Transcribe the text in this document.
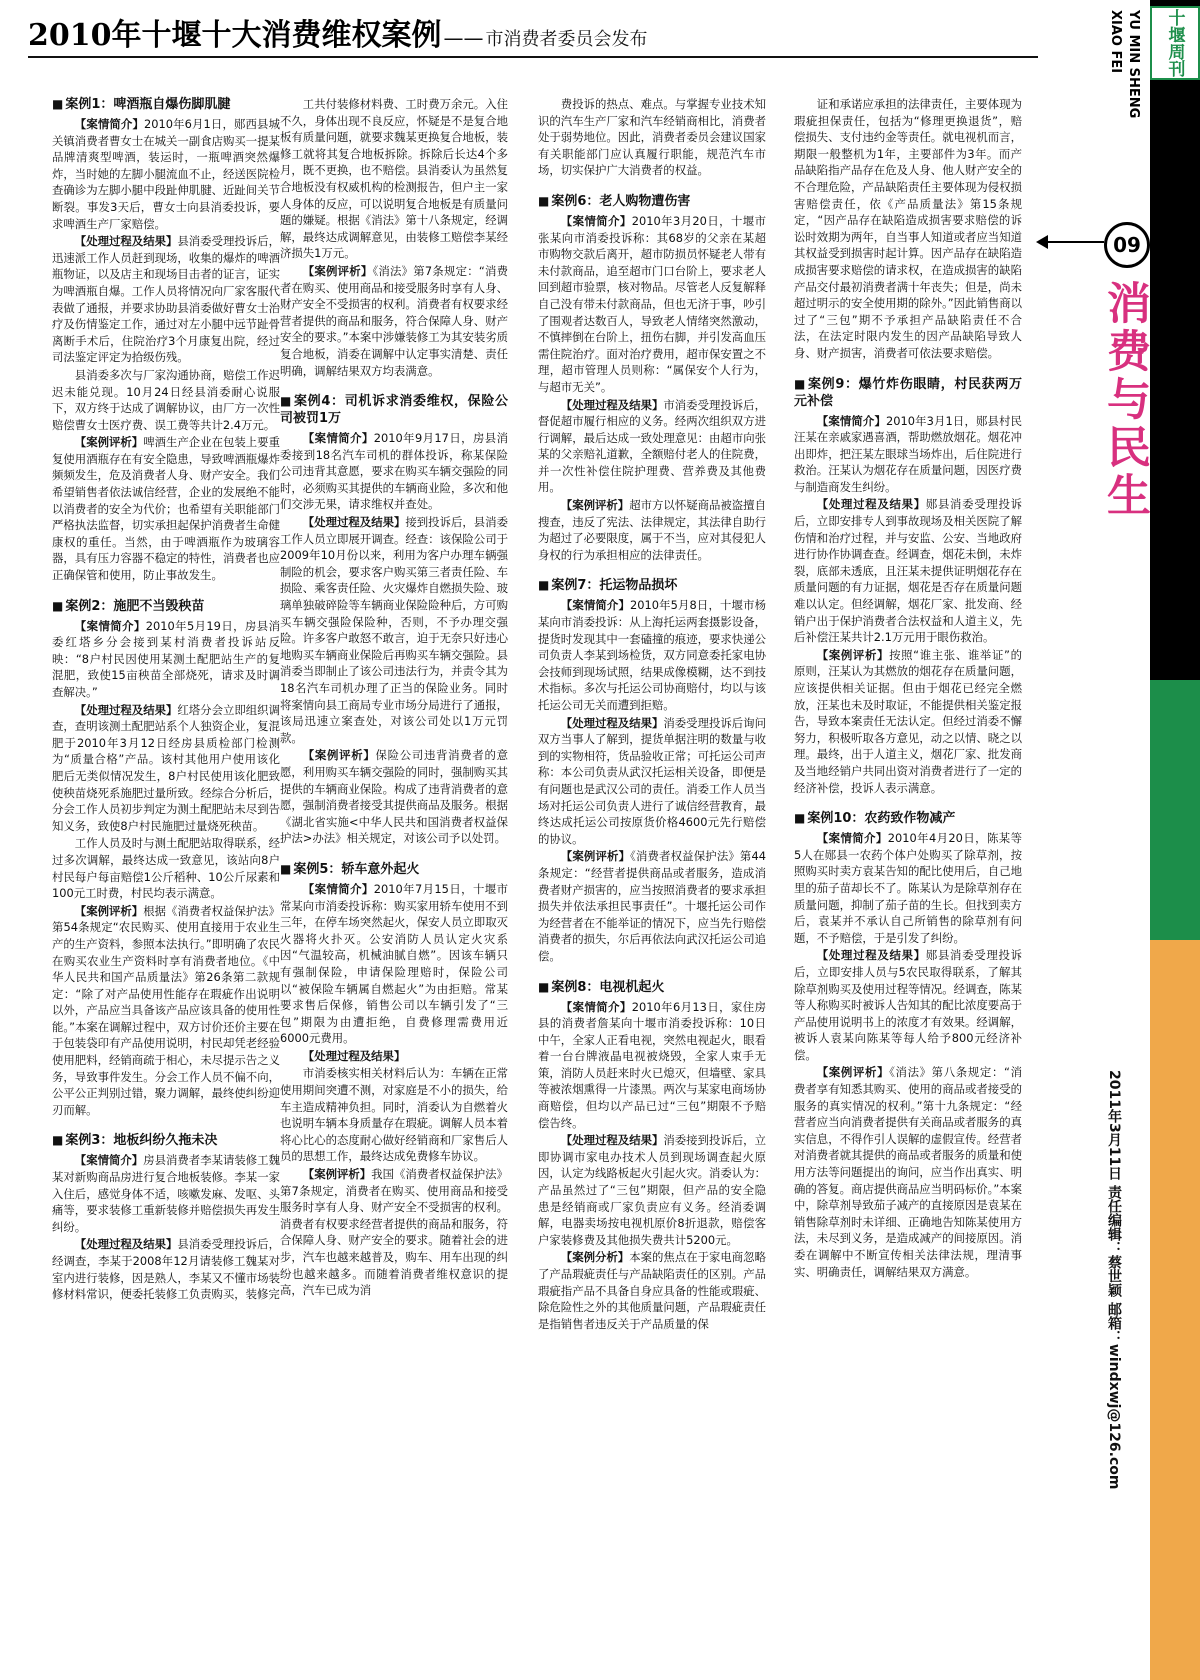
2010年十堰十大消费维权案例 —— 市消费者委员会发布	十堰周刊
XIAO FEI YU MIN SHENG
09
消费与民生
2011年3月11日 责任编辑：蔡世颖 邮箱：windxwj@126.com
■ 案例1：啤酒瓶自爆伤脚肌腱

【 案情简介 】 2010年6月1日，郧西县城关镇消费者曹女士在城关一副食店购买一提某品牌清爽型啤酒，装运时，一瓶啤酒突然爆炸，当时她的左脚小腿流血不止，经送医院检查确诊为左脚小腿中段趾伸肌腱、近趾间关节断裂。事发3天后，曹女士向县消委投诉，要求啤酒生产厂家赔偿。

【 处理过程及结果 】 县消委受理投诉后，迅速派工作人员赶到现场，收集的爆炸的啤酒瓶物证，以及店主和现场目击者的证言，证实为啤酒瓶自爆。工作人员将情况向厂家客服代表做了通报，并要求协助县消委做好曹女士治疗及伤情鉴定工作，通过对左小腿中远节趾骨离断手术后，住院治疗3个月康复出院，经过司法鉴定评定为拾级伤残。

县消委多次与厂家沟通协商，赔偿工作迟迟未能兑现。10月24日经县消委耐心说服下，双方终于达成了调解协议，由厂方一次性赔偿曹女士医疗费、误工费等共计2.4万元。

【 案例评析 】 啤酒生产企业在包装上要重复使用酒瓶存在有安全隐患，导致啤酒瓶爆炸频频发生，危及消费者人身、财产安全。我们希望销售者依法诚信经营，企业的发展绝不能以消费者的安全为代价；也希望有关职能部门严格执法监督，切实承担起保护消费者生命健康权的重任。当然，由于啤酒瓶作为玻璃容器，具有压力容器不稳定的特性，消费者也应正确保管和使用，防止事故发生。

■ 案例2：施肥不当毁秧苗

【 案情简介 】 2010年5月19日，房县消委红塔乡分会接到某村消费者投诉站反映：“8户村民因使用某测土配肥站生产的复混肥，致使15亩秧苗全部烧死，请求及时调查解决。”

【 处理过程及结果 】 红塔分会立即组织调查，查明该测土配肥站系个人独资企业，复混肥于2010年3月12日经房县质检部门检测为“质量合格”产品。该村其他用户使用该化肥后无类似情况发生，8户村民使用该化肥致使秧苗烧死系施肥过量所致。经综合分析后，分会工作人员初步判定为测土配肥站未尽到告知义务，致使8户村民施肥过量烧死秧苗。

工作人员及时与测土配肥站取得联系，经过多次调解，最终达成一致意见，该站向8户村民每户每亩赔偿1公斤稻种、10公斤尿素和100元工时费，村民均表示满意。

【 案例评析 】 根据《消费者权益保护法》第54条规定“农民购买、使用直接用于农业生产的生产资料，参照本法执行。”即明确了农民在购买农业生产资料时享有消费者地位。《中华人民共和国产品质量法》第26条第二款规定：“除了对产品使用性能存在瑕疵作出说明以外，产品应当具备该产品应该具备的使用性能。”本案在调解过程中，双方讨价还价主要在于包装袋印有产品使用说明，村民却凭老经验使用肥料，经销商疏于相心，未尽提示告之义务，导致事件发生。分会工作人员不偏不向，公平公正判别过错，聚力调解，最终使纠纷迎刃而解。

■ 案例3：地板纠纷久拖未决

【 案情简介 】 房县消费者李某请装修工魏某对新购商品房进行复合地板装修。李某一家入住后，感觉身体不适，咳嗽发麻、发呕、头痛等，要求装修工重新装修并赔偿损失再发生纠纷。

【 处理过程及结果 】 县消委受理投诉后，经调查，李某于2008年12月请装修工魏某对室内进行装修，因是熟人，李某又不懂市场装修材料常识，便委托装修工负责购买，装修完

工共付装修材料费、工时费万余元。入住不久，身体出现不良反应，怀疑是不是复合地板有质量问题，就要求魏某更换复合地板，装修工就将其复合地板拆除。拆除后长达4个多月，既不更换，也不赔偿。县消委认为虽然复合地板没有权威机构的检测报告，但户主一家人身体的反应，可以说明复合地板是有质量问题的嫌疑。根据《消法》第十八条规定，经调解，最终达成调解意见，由装修工赔偿李某经济损失1万元。

【 案例评析 】 《消法》第7条规定：“消费者在购买、使用商品和接受服务时享有人身、财产安全不受损害的权利。消费者有权要求经营者提供的商品和服务，符合保障人身、财产安全的要求。”本案中涉嫌装修工为其安装劣质复合地板，消委在调解中认定事实清楚、责任明确，调解结果双方均表满意。

■ 案例4：司机诉求消委维权，保险公司被罚1万

【 案情简介 】 2010年9月17日，房县消委接到18名汽车司机的群体投诉，称某保险公司违背其意愿，要求在购买车辆交强险的同时，必须购买其提供的车辆商业险，多次和他们交涉无果，请求维权并查处。

【 处理过程及结果 】 接到投诉后，县消委工作人员立即展开调查。经查：该保险公司于2009年10月份以来，利用为客户办理车辆强制险的机会，要求客户购买第三者责任险、车损险、乘客责任险、火灾爆炸自燃损失险、玻璃单独破碎险等车辆商业保险险种后，方可购买车辆交强险保险种，否则，不予办理交强险。许多客户敢怒不敢言，迫于无奈只好违心地购买车辆商业保险后再购买车辆交强险。县消委当即制止了该公司违法行为，并责令其为18名汽车司机办理了正当的保险业务。同时将案情向县工商局专业市场分局进行了通报，该局迅速立案查处，对该公司处以1万元罚款。

【 案例评析 】 保险公司违背消费者的意愿，利用购买车辆交强险的同时，强制购买其提供的车辆商业保险。构成了违背消费者的意愿，强制消费者接受其提供商品及服务。根据《湖北省实施<中华人民共和国消费者权益保护法>办法》相关规定，对该公司予以处罚。

■ 案例5：轿车意外起火

【 案情简介 】 2010年7月15日，十堰市常某向市消委投诉称：购买家用轿车使用不到三年，在停车场突然起火，保安人员立即取灭火器将火扑灭。公安消防人员认定火灾系因“气温较高，机械油腻自燃”。因该车辆只有强制保险，申请保险理赔时，保险公司以“被保险车辆属自燃起火”为由拒赔。常某要求售后保修，销售公司以车辆引发了“三包”期限为由遭拒绝，自费修理需费用近6000元费用。

【 处理过程及结果 】

市消委核实相关材料后认为：车辆在正常使用期间突遭不测，对家庭是不小的损失，给车主造成精神负担。同时，消委认为自燃着火也说明车辆本身质量存在瑕疵。调解人员本着将心比心的态度耐心做好经销商和厂家售后人员的思想工作，最终达成免费修车协议。

【 案例评析 】 我国《消费者权益保护法》第7条规定，消费者在购买、使用商品和接受服务时享有人身、财产安全不受损害的权利。消费者有权要求经营者提供的商品和服务，符合保障人身、财产安全的要求。随着社会的进步，汽车也越来越普及，购车、用车出现的纠纷也越来越多。而随着消费者维权意识的提高，汽车已成为消

费投诉的热点、难点。与掌握专业技术知识的汽车生产厂家和汽车经销商相比，消费者处于弱势地位。因此，消费者委员会建议国家有关职能部门应认真履行职能，规范汽车市场，切实保护广大消费者的权益。

■ 案例6：老人购物遭伤害

【 案情简介 】 2010年3月20日，十堰市张某向市消委投诉称：其68岁的父亲在某超市购物交款后离开，超市防损员怀疑老人带有未付款商品，追至超市门口台阶上，要求老人回到超市验票，核对物品。尽管老人反复解释自己没有带未付款商品，但也无济于事，吵引了围观者达数百人，导致老人情绪突然激动，不慎摔倒在台阶上，扭伤右脚，并引发高血压需住院治疗。面对治疗费用，超市保安置之不理，超市管理人员则称：“属保安个人行为，与超市无关”。

【 处理过程及结果 】 市消委受理投诉后，督促超市履行相应的义务。经两次组织双方进行调解，最后达成一致处理意见：由超市向张某的父亲赔礼道歉，全额赔付老人的住院费，并一次性补偿住院护理费、营养费及其他费用。

【 案例评析 】 超市方以怀疑商品被盗擅自搜查，违反了宪法、法律规定，其法律自助行为超过了必要限度，属于不当，应对其侵犯人身权的行为承担相应的法律责任。

■ 案例7：托运物品损坏

【 案情简介 】 2010年5月8日，十堰市杨某向市消委投诉：从上海托运两套摄影设备，提货时发现其中一套磕撞的痕迹，要求快递公司负责人李某到场检货，双方同意委托家电协会技师到现场试照，结果成像模糊，达不到技术指标。多次与托运公司协商赔付，均以与该托运公司无关而遭到拒赔。

【 处理过程及结果 】 消委受理投诉后询问双方当事人了解到，提货单据注明的数量与收到的实物相符，货品验收正常；可托运公司声称：本公司负责从武汉托运相关设备，即便是有问题也是武汉公司的责任。消委工作人员当场对托运公司负责人进行了诚信经营教育，最终达成托运公司按原货价格4600元先行赔偿的协议。

【 案例评析 】 《消费者权益保护法》第44条规定：“经营者提供商品或者服务，造成消费者财产损害的，应当按照消费者的要求承担损失并依法承担民事责任”。十堰托运公司作为经营者在不能举证的情况下，应当先行赔偿消费者的损失，尔后再依法向武汉托运公司追偿。

■ 案例8：电视机起火

【 案情简介 】 2010年6月13日，家住房县的消费者詹某向十堰市消委投诉称：10日中午，全家人正看电视，突然电视起火，眼看着一台台牌液晶电视被烧毁，全家人束手无策，消防人员赶来时火已熄灭，但墙壁、家具等被浓烟熏得一片漆黑。两次与某家电商场协商赔偿，但均以产品已过“三包”期限不予赔偿告终。

【 处理过程及结果 】 消委接到投诉后，立即协调市家电办技术人员到现场调查起火原因，认定为线路板起火引起火灾。消委认为：产品虽然过了“三包”期限，但产品的安全隐患是经销商或厂家负责应有义务。经消委调解，电器卖场按电视机原价8折退款，赔偿客户家装修费及其他损失费共计5200元。

【 案例分析 】 本案的焦点在于家电商忽略了产品瑕疵责任与产品缺陷责任的区别。产品瑕疵指产品不具备自身应具备的性能或瑕疵、除危险性之外的其他质量问题，产品瑕疵责任是指销售者违反关于产品质量的保

证和承诺应承担的法律责任，主要体现为瑕疵担保责任，包括为“修理更换退货”，赔偿损失、支付违约金等责任。就电视机而言，期限一般整机为1年，主要部件为3年。而产品缺陷指产品存在危及人身、他人财产安全的不合理危险，产品缺陷责任主要体现为侵权损害赔偿责任，依《产品质量法》第15条规定，“因产品存在缺陷造成损害要求赔偿的诉讼时效期为两年，自当事人知道或者应当知道其权益受到损害时起计算。因产品存在缺陷造成损害要求赔偿的请求权，在造成损害的缺陷产品交付最初消费者满十年丧失；但是，尚未超过明示的安全使用期的除外。”因此销售商以过了“三包”期不予承担产品缺陷责任不合法，在法定时限内发生的因产品缺陷导致人身、财产损害，消费者可依法要求赔偿。

■ 案例9：爆竹炸伤眼睛，村民获两万元补偿

【 案情简介 】 2010年3月1日，郧县村民汪某在亲戚家遇喜酒，帮助燃放烟花。烟花冲出即炸，把汪某左眼球当场炸出，后住院进行救治。汪某认为烟花存在质量问题，因医疗费与制造商发生纠纷。

【 处理过程及结果 】 郧县消委受理投诉后，立即安排专人到事故现场及相关医院了解伤情和治疗过程，并与安监、公安、当地政府进行协作协调查查。经调查，烟花未倒，未炸裂，底部未透底，且汪某未提供证明烟花存在质量问题的有力证据，烟花是否存在质量问题难以认定。但经调解，烟花厂家、批发商、经销户出于保护消费者合法权益和人道主义，先后补偿汪某共计2.1万元用于眼伤救治。

【 案例评析 】 按照“谁主张、谁举证”的原则，汪某认为其燃放的烟花存在质量问题，应该提供相关证据。但由于烟花已经完全燃放，汪某也未及时取证，不能提供相关鉴定报告，导致本案责任无法认定。但经过消委不懈努力，积极听取各方意见，动之以情、晓之以理。最终，出于人道主义，烟花厂家、批发商及当地经销户共同出资对消费者进行了一定的经济补偿，投诉人表示满意。

■ 案例10：农药致作物减产

【 案情简介 】 2010年4月20日，陈某等5人在郧县一农药个体户处购买了除草剂，按照购买时卖方袁某告知的配比使用后，自己地里的茄子苗却长不了。陈某认为是除草剂存在质量问题，抑制了茄子苗的生长。但找到卖方后，袁某并不承认自己所销售的除草剂有问题，不予赔偿，于是引发了纠纷。

【 处理过程及结果 】 郧县消委受理投诉后，立即安排人员与5农民取得联系，了解其除草剂购买及使用过程等情况。经调查，陈某等人称购买时被诉人告知其的配比浓度要高于产品使用说明书上的浓度才有效果。经调解，被诉人袁某向陈某等每人给予800元经济补偿。

【 案例评析 】 《消法》第八条规定：“消费者享有知悉其购买、使用的商品或者接受的服务的真实情况的权利。”第十九条规定：“经营者应当向消费者提供有关商品或者服务的真实信息，不得作引人误解的虚假宣传。经营者对消费者就其提供的商品或者服务的质量和使用方法等问题提出的询问，应当作出真实、明确的答复。商店提供商品应当明码标价。”本案中，除草剂导致茄子减产的直接原因是袁某在销售除草剂时未详细、正确地告知陈某使用方法，未尽到义务，是造成减产的间接原因。消委在调解中不断宣传相关法律法规，理清事实、明确责任，调解结果双方满意。
